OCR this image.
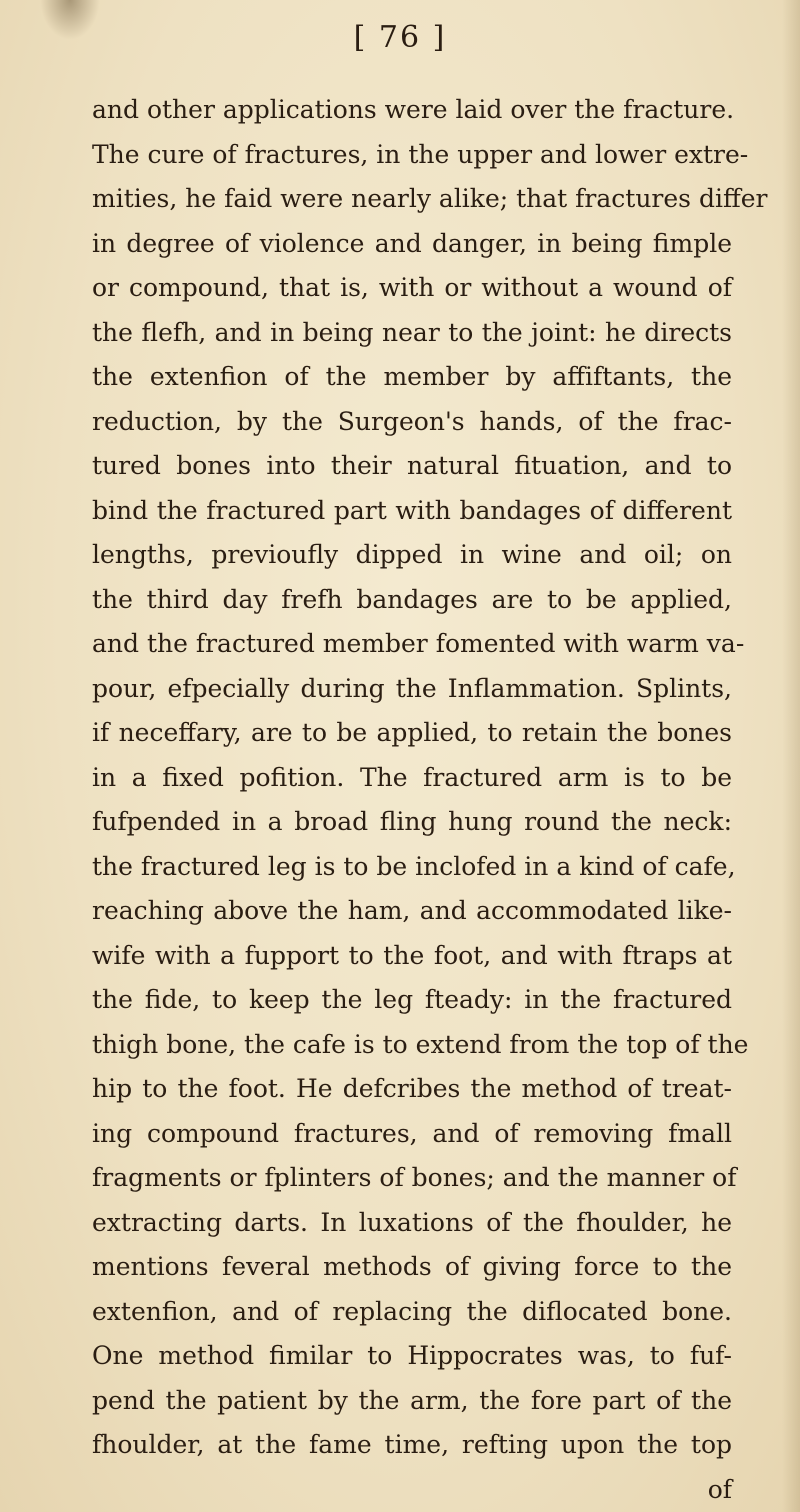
[ 76 ]
and other applications were laid over the fracture.
The cure of fractures, in the upper and lower extre-
mities, he faid were nearly alike; that fractures differ
in degree of violence and danger, in being fimple
or compound, that is, with or without a wound of
the flefh, and in being near to the joint: he directs
the extenfion of the member by affiftants, the
reduction, by the Surgeon's hands, of the frac-
tured bones into their natural fituation, and to
bind the fractured part with bandages of different
lengths, previoufly dipped in wine and oil; on
the third day frefh bandages are to be applied,
and the fractured member fomented with warm va-
pour, efpecially during the Inflammation. Splints,
if neceffary, are to be applied, to retain the bones
in a fixed pofition. The fractured arm is to be
fufpended in a broad fling hung round the neck:
the fractured leg is to be inclofed in a kind of cafe,
reaching above the ham, and accommodated like-
wife with a fupport to the foot, and with ftraps at
the fide, to keep the leg fteady: in the fractured
thigh bone, the cafe is to extend from the top of the
hip to the foot. He defcribes the method of treat-
ing compound fractures, and of removing fmall
fragments or fplinters of bones; and the manner of
extracting darts. In luxations of the fhoulder, he
mentions feveral methods of giving force to the
extenfion, and of replacing the diflocated bone.
One method fimilar to Hippocrates was, to fuf-
pend the patient by the arm, the fore part of the
fhoulder, at the fame time, refting upon the top
of
